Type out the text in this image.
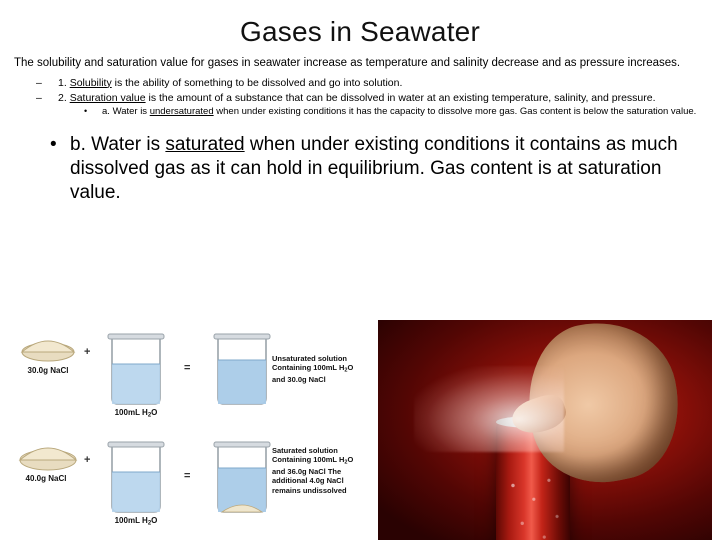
Gases in Seawater

The solubility and saturation value for gases in seawater increase as temperature and salinity decrease and as pressure increases.

– 1. Solubility is the ability of something to be dissolved and go into solution.
– 2. Saturation value is the amount of a substance that can be dissolved in water at an existing temperature, salinity, and pressure.
• a. Water is undersaturated when under existing conditions it has the capacity to dissolve more gas. Gas content is below the saturation value.

• b. Water is saturated when under existing conditions it contains as much dissolved gas as it can hold in equilibrium. Gas content is at saturation value.

30.0g NaCl
+
=
100mL $H_2O$
Unsaturated solution Containing 100mL $H_2O$ and 30.0g NaCl
40.0g NaCl
+
=
100mL $H_2O$
Saturated solution Containing 100mL $H_2O$ and 36.0g NaCl The additional 4.0g NaCl remains undissolved
